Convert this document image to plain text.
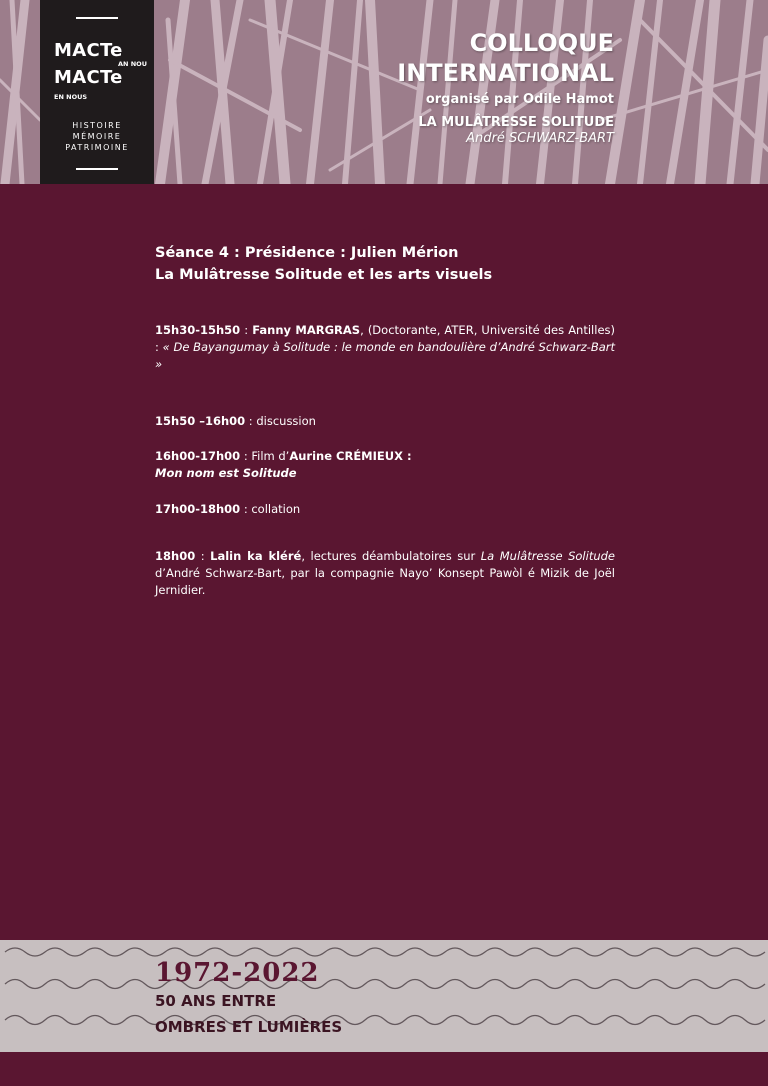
MACTe
AN NOU
MACTe
EN NOUS
HISTOIRE
MÉMOIRE
PATRIMOINE
COLLOQUE
INTERNATIONAL
organisé par Odile Hamot
LA MULÂTRESSE SOLITUDE
André SCHWARZ-BART
Séance 4 : Présidence : Julien Mérion
La Mulâtresse Solitude et les arts visuels

15h30-15h50 : Fanny MARGRAS, (Doctorante, ATER, Université des Antilles) : « De Bayangumay à Solitude : le monde en bandoulière d’André Schwarz-Bart »

15h50 –16h00 : discussion

16h00-17h00 : Film d’Aurine CRÉMIEUX :
Mon nom est Solitude

17h00-18h00 : collation

18h00 : Lalin ka kléré, lectures déambulatoires sur La Mulâtresse Solitude d’André Schwarz-Bart, par la compagnie Nayo’ Konsept Pawòl é Mizik de Joël Jernidier.

1972-2022
50 ANS ENTRE
OMBRES ET LUMIÈRES
